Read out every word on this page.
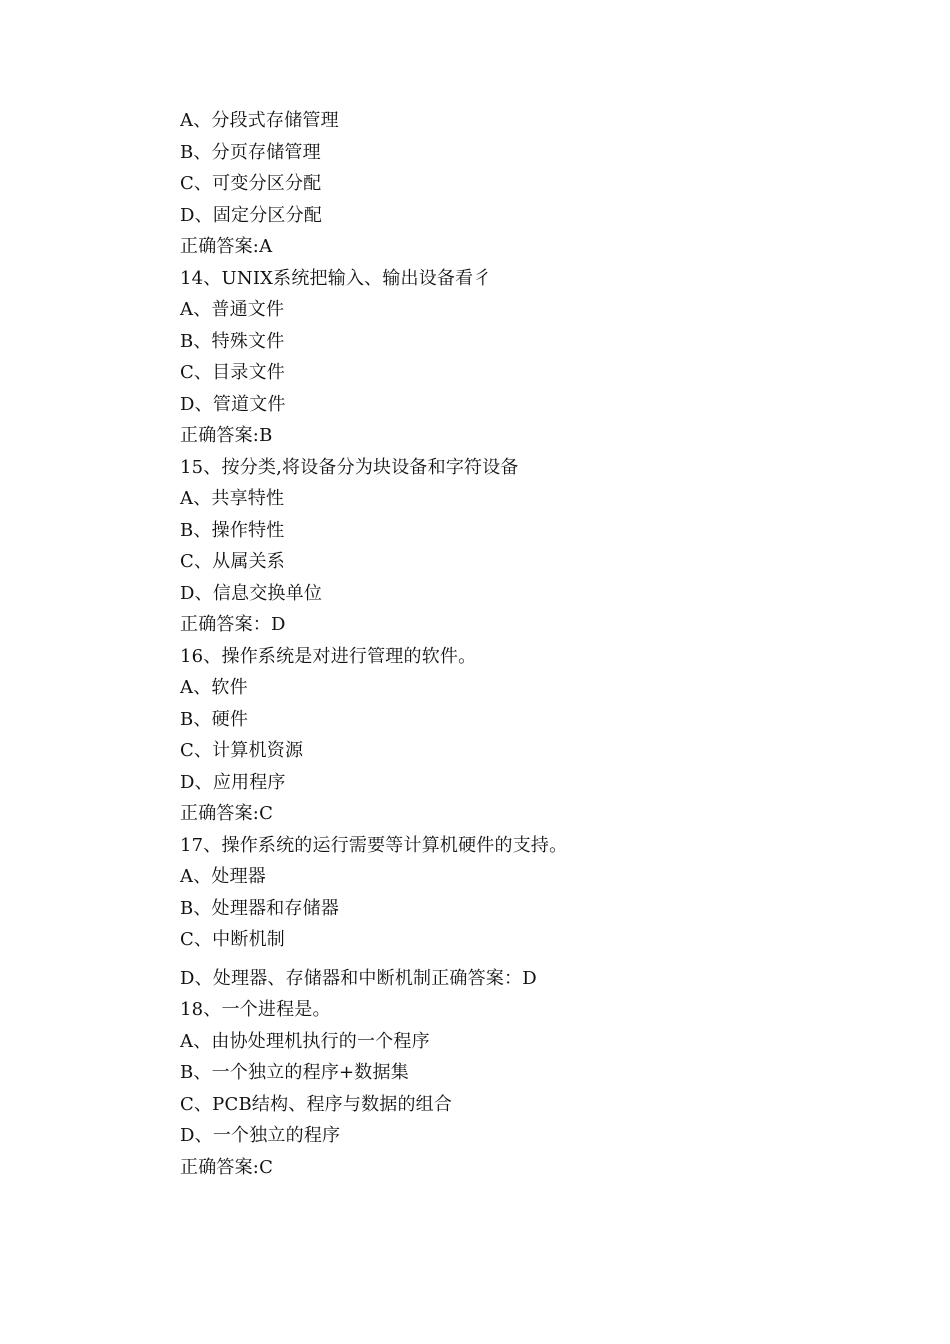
A、分段式存储管理
B、分页存储管理
C、可变分区分配
D、固定分区分配
正确答案:A
14、UNIX系统把输入、输出设备看彳
A、普通文件
B、特殊文件
C、目录文件
D、管道文件
正确答案:B
15、按分类,将设备分为块设备和字符设备
A、共享特性
B、操作特性
C、从属关系
D、信息交换单位
正确答案：D
16、操作系统是对进行管理的软件。
A、软件
B、硬件
C、计算机资源
D、应用程序
正确答案:C
17、操作系统的运行需要等计算机硬件的支持。
A、处理器
B、处理器和存储器
C、中断机制
D、处理器、存储器和中断机制正确答案：D
18、一个进程是。
A、由协处理机执行的一个程序
B、一个独立的程序+数据集
C、PCB结构、程序与数据的组合
D、一个独立的程序
正确答案:C
